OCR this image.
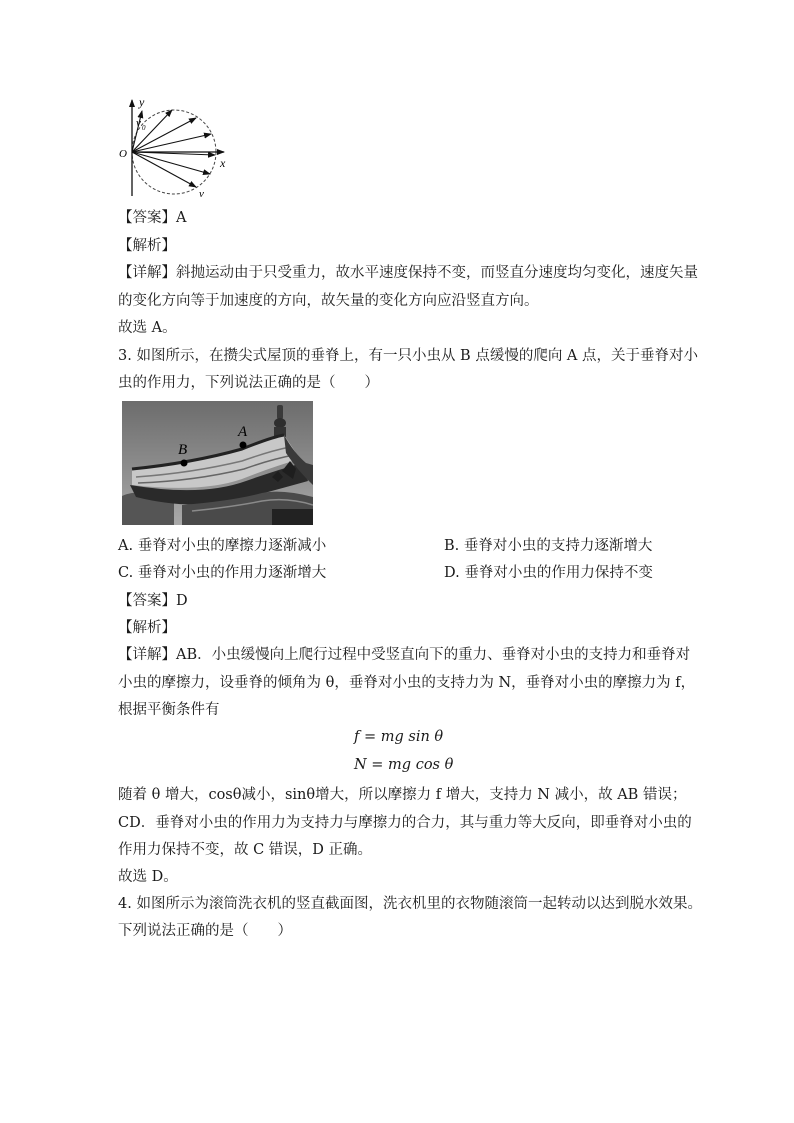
y
x
O
v 0
v
【答案】A
【解析】
【详解】斜抛运动由于只受重力，故水平速度保持不变，而竖直分速度均匀变化，速度矢量
的变化方向等于加速度的方向，故矢量的变化方向应沿竖直方向。
故选 A。
3. 如图所示，在攒尖式屋顶的垂脊上，有一只小虫从 B 点缓慢的爬向 A 点，关于垂脊对小
虫的作用力，下列说法正确的是（　　）
A
B
A. 垂脊对小虫的摩擦力逐渐减小	B. 垂脊对小虫的支持力逐渐增大
C. 垂脊对小虫的作用力逐渐增大	D. 垂脊对小虫的作用力保持不变
【答案】D
【解析】
【详解】AB．小虫缓慢向上爬行过程中受竖直向下的重力、垂脊对小虫的支持力和垂脊对
小虫的摩擦力，设垂脊的倾角为 θ，垂脊对小虫的支持力为 N，垂脊对小虫的摩擦力为 f，
根据平衡条件有
f = mg sin θ
N = mg cos θ
随着 θ 增大，cosθ减小，sinθ增大，所以摩擦力 f 增大，支持力 N 减小，故 AB 错误；
CD．垂脊对小虫的作用力为支持力与摩擦力的合力，其与重力等大反向，即垂脊对小虫的
作用力保持不变，故 C 错误，D 正确。
故选 D。
4. 如图所示为滚筒洗衣机的竖直截面图，洗衣机里的衣物随滚筒一起转动以达到脱水效果。
下列说法正确的是（　　）
